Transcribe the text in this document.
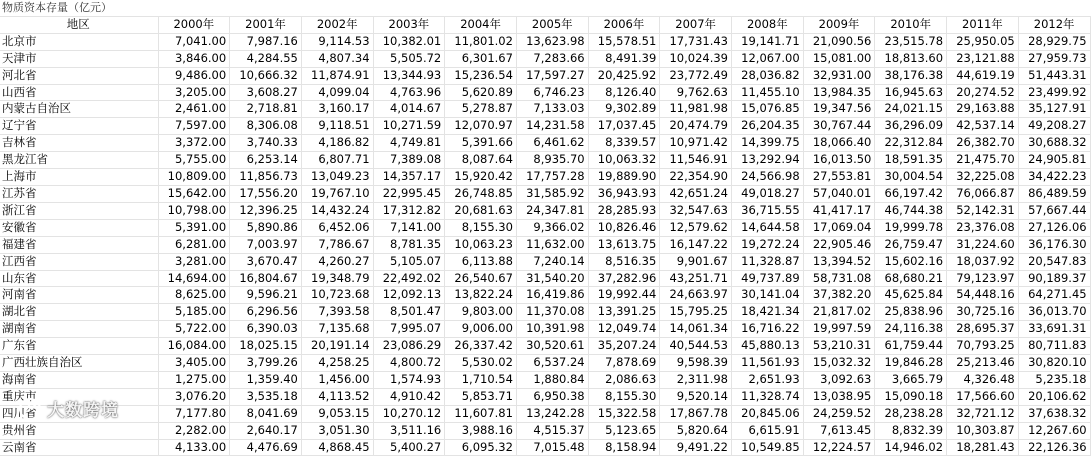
物质资本存量（亿元）													
地区	2000年	2001年	2002年	2003年	2004年	2005年	2006年	2007年	2008年	2009年	2010年	2011年	2012年
北京市	7,041.00	7,987.16	9,114.53	10,382.01	11,801.02	13,623.98	15,578.51	17,731.43	19,141.71	21,090.56	23,515.78	25,950.05	28,929.75
天津市	3,846.00	4,284.55	4,807.34	5,505.72	6,301.67	7,283.66	8,491.39	10,024.39	12,067.00	15,081.00	18,813.60	23,121.88	27,959.73
河北省	9,486.00	10,666.32	11,874.91	13,344.93	15,236.54	17,597.27	20,425.92	23,772.49	28,036.82	32,931.00	38,176.38	44,619.19	51,443.31
山西省	3,205.00	3,608.27	4,099.04	4,763.96	5,620.89	6,746.23	8,126.40	9,762.63	11,455.10	13,984.35	16,945.63	20,274.52	23,499.92
内蒙古自治区	2,461.00	2,718.81	3,160.17	4,014.67	5,278.87	7,133.03	9,302.89	11,981.98	15,076.85	19,347.56	24,021.15	29,163.88	35,127.91
辽宁省	7,597.00	8,306.08	9,118.51	10,271.59	12,070.97	14,231.58	17,037.45	20,474.79	26,204.35	30,767.44	36,296.09	42,537.14	49,208.27
吉林省	3,372.00	3,740.33	4,186.82	4,749.81	5,391.66	6,461.62	8,339.57	10,971.42	14,399.75	18,066.40	22,312.84	26,382.70	30,688.32
黑龙江省	5,755.00	6,253.14	6,807.71	7,389.08	8,087.64	8,935.70	10,063.32	11,546.91	13,292.94	16,013.50	18,591.35	21,475.70	24,905.81
上海市	10,809.00	11,856.73	13,049.23	14,357.17	15,920.42	17,757.28	19,889.90	22,354.90	24,566.98	27,553.81	30,004.54	32,225.08	34,422.23
江苏省	15,642.00	17,556.20	19,767.10	22,995.45	26,748.85	31,585.92	36,943.93	42,651.24	49,018.27	57,040.01	66,197.42	76,066.87	86,489.59
浙江省	10,798.00	12,396.25	14,432.24	17,312.82	20,681.63	24,347.81	28,285.93	32,547.63	36,715.55	41,417.17	46,744.38	52,142.31	57,667.44
安徽省	5,391.00	5,890.86	6,452.06	7,141.00	8,155.30	9,366.02	10,826.46	12,579.62	14,644.58	17,069.04	19,999.78	23,376.08	27,126.06
福建省	6,281.00	7,003.97	7,786.67	8,781.35	10,063.23	11,632.00	13,613.75	16,147.22	19,272.24	22,905.46	26,759.47	31,224.60	36,176.30
江西省	3,281.00	3,670.47	4,260.27	5,105.07	6,113.88	7,240.14	8,516.35	9,901.67	11,328.87	13,394.52	15,602.16	18,037.92	20,547.83
山东省	14,694.00	16,804.67	19,348.79	22,492.02	26,540.67	31,540.20	37,282.96	43,251.71	49,737.89	58,731.08	68,680.21	79,123.97	90,189.37
河南省	8,625.00	9,596.21	10,723.68	12,092.13	13,822.24	16,419.86	19,992.44	24,663.97	30,141.04	37,382.20	45,625.84	54,448.16	64,271.45
湖北省	5,185.00	6,296.56	7,393.58	8,501.47	9,803.00	11,370.08	13,391.25	15,795.25	18,421.34	21,817.02	25,838.96	30,725.16	36,013.70
湖南省	5,722.00	6,390.03	7,135.68	7,995.07	9,006.00	10,391.98	12,049.74	14,061.34	16,716.22	19,997.59	24,116.38	28,695.37	33,691.31
广东省	16,084.00	18,025.15	20,191.14	23,086.29	26,337.42	30,520.61	35,207.24	40,544.53	45,880.13	53,210.31	61,759.44	70,793.25	80,711.83
广西壮族自治区	3,405.00	3,799.26	4,258.25	4,800.72	5,530.02	6,537.24	7,878.69	9,598.39	11,561.93	15,032.32	19,846.28	25,213.46	30,820.10
海南省	1,275.00	1,359.40	1,456.00	1,574.93	1,710.54	1,880.84	2,086.63	2,311.98	2,651.93	3,092.63	3,665.79	4,326.48	5,235.18
重庆市	3,076.20	3,535.18	4,113.52	4,910.42	5,853.71	6,950.38	8,155.30	9,520.14	11,328.74	13,038.95	15,090.18	17,566.60	20,106.62
四川省	7,177.80	8,041.69	9,053.15	10,270.12	11,607.81	13,242.28	15,322.58	17,867.78	20,845.06	24,259.52	28,238.28	32,721.12	37,638.32
贵州省	2,282.00	2,640.17	3,051.30	3,511.16	3,988.16	4,515.37	5,123.65	5,820.64	6,615.91	7,613.45	8,832.39	10,303.87	12,267.60
云南省	4,133.00	4,476.69	4,868.45	5,400.27	6,095.32	7,015.48	8,158.94	9,491.22	10,549.85	12,224.57	14,946.02	18,281.43	22,126.36
大数跨境
